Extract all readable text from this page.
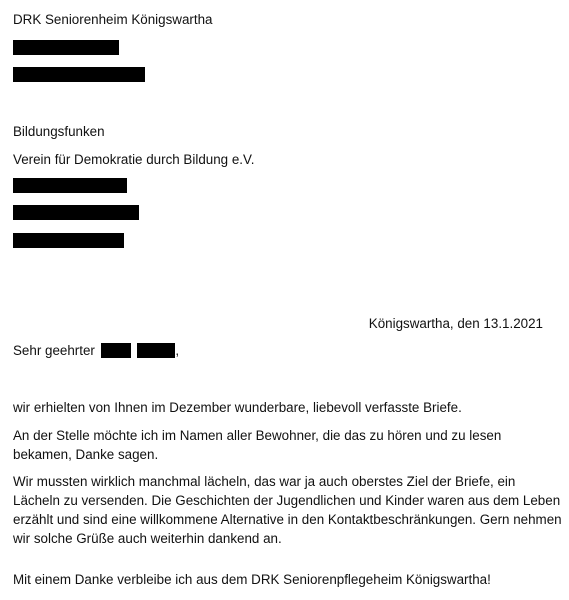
DRK Seniorenheim Königswartha
Bildungsfunken
Verein für Demokratie durch Bildung e.V.
Königswartha, den 13.1.2021
Sehr geehrter	,
wir erhielten von Ihnen im Dezember wunderbare, liebevoll verfasste Briefe.
An der Stelle möchte ich im Namen aller Bewohner, die das zu hören und zu lesen bekamen, Danke sagen.
Wir mussten wirklich manchmal lächeln, das war ja auch oberstes Ziel der Briefe, ein Lächeln zu versenden. Die Geschichten der Jugendlichen und Kinder waren aus dem Leben erzählt und sind eine willkommene Alternative in den Kontaktbeschränkungen. Gern nehmen wir solche Grüße auch weiterhin dankend an.
Mit einem Danke verbleibe ich aus dem DRK Seniorenpflegeheim Königswartha!
